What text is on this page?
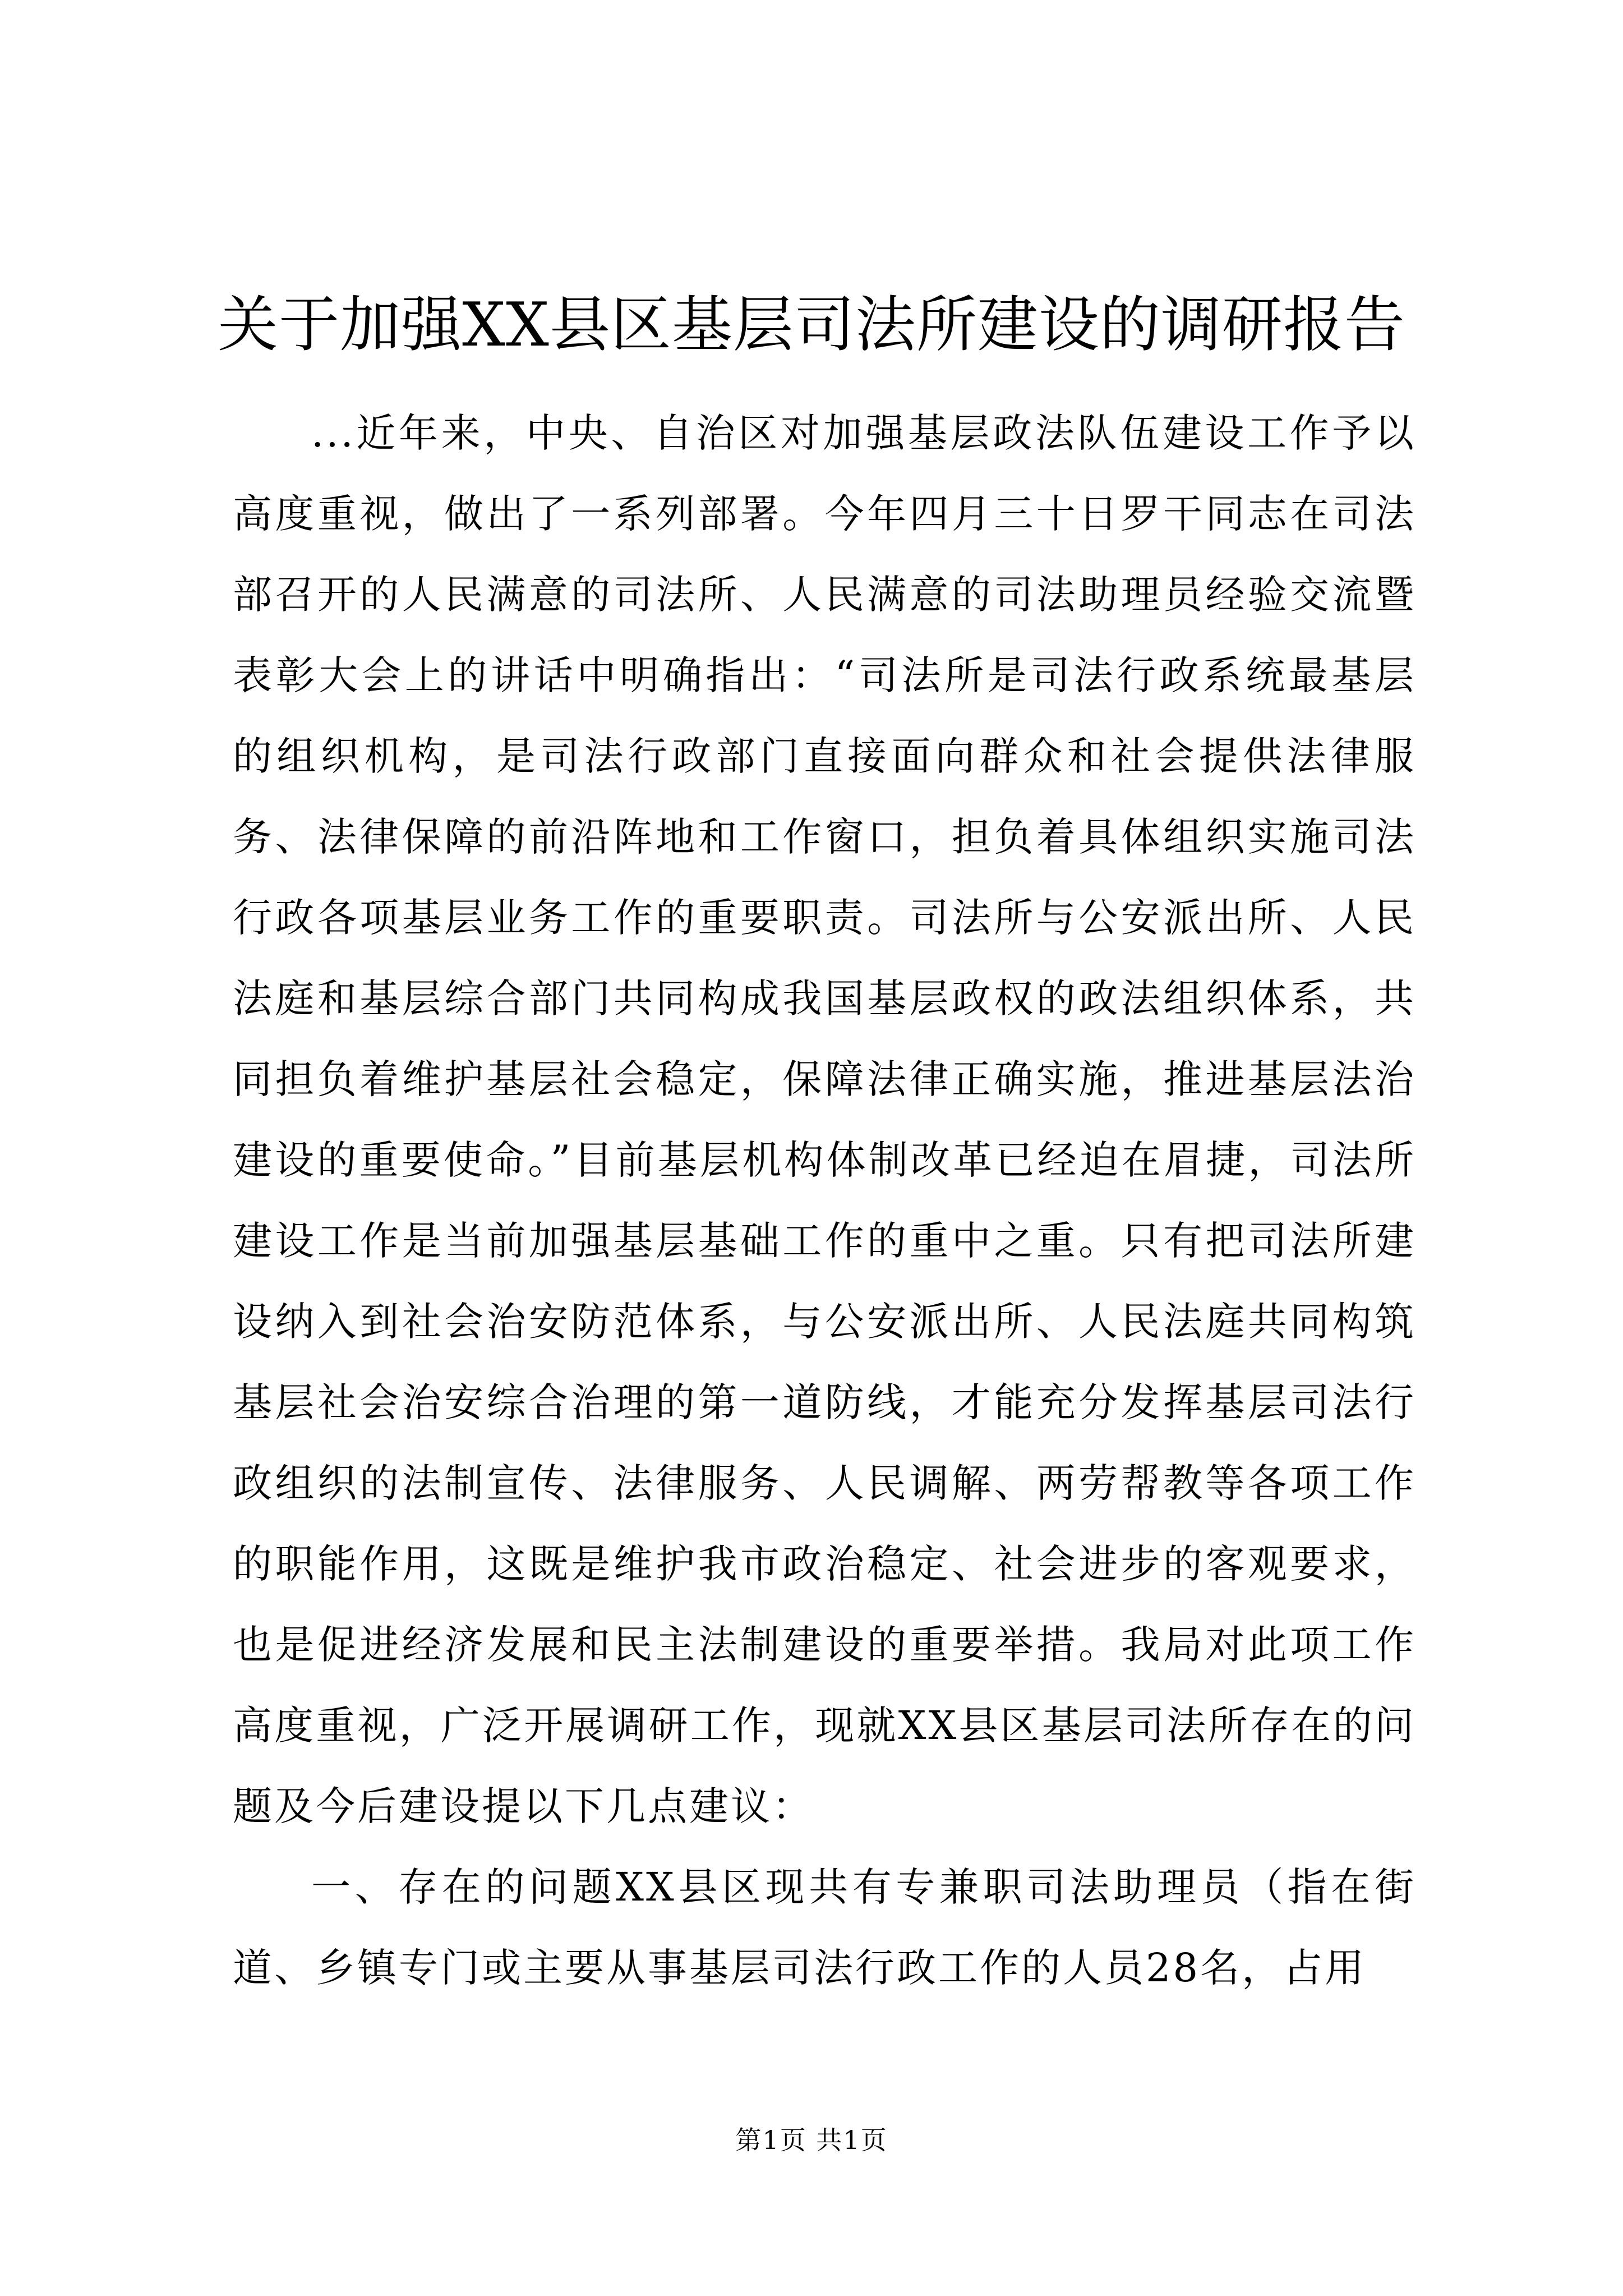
关于加强XX县区基层司法所建设的调研报告

...近年来，中央、自治区对加强基层政法队伍建设工作予以高度重视，做出了一系列部署。今年四月三十日罗干同志在司法部召开的人民满意的司法所、人民满意的司法助理员经验交流暨表彰大会上的讲话中明确指出：“司法所是司法行政系统最基层的组织机构，是司法行政部门直接面向群众和社会提供法律服务、法律保障的前沿阵地和工作窗口，担负着具体组织实施司法行政各项基层业务工作的重要职责。司法所与公安派出所、人民法庭和基层综合部门共同构成我国基层政权的政法组织体系，共同担负着维护基层社会稳定，保障法律正确实施，推进基层法治建设的重要使命。”目前基层机构体制改革已经迫在眉捷，司法所建设工作是当前加强基层基础工作的重中之重。只有把司法所建设纳入到社会治安防范体系，与公安派出所、人民法庭共同构筑基层社会治安综合治理的第一道防线，才能充分发挥基层司法行政组织的法制宣传、法律服务、人民调解、两劳帮教等各项工作的职能作用，这既是维护我市政治稳定、社会进步的客观要求，也是促进经济发展和民主法制建设的重要举措。我局对此项工作高度重视，广泛开展调研工作，现就XX县区基层司法所存在的问题及今后建设提以下几点建议：

一、存在的问题XX县区现共有专兼职司法助理员（指在街道、乡镇专门或主要从事基层司法行政工作的人员28名，占用

第1页 共1页
